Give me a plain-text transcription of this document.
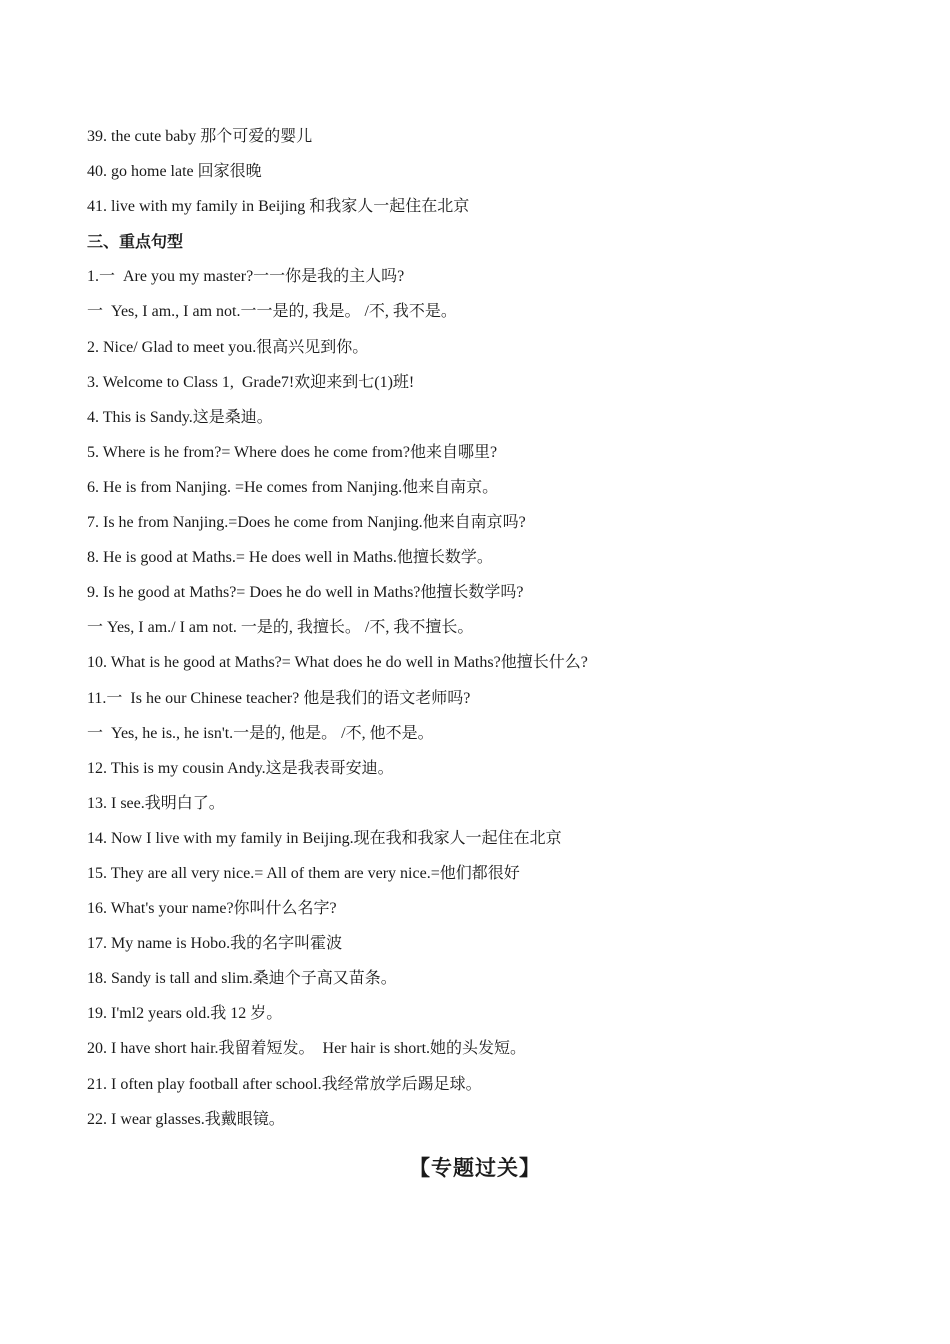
39. the cute baby 那个可爱的婴儿
40. go home late 回家很晚
41. live with my family in Beijing 和我家人一起住在北京
三、重点句型
1.一  Are you my master?一一你是我的主人吗?
一  Yes, I am., I am not.一一是的, 我是。 /不, 我不是。
2. Nice/ Glad to meet you.很高兴见到你。
3. Welcome to Class 1,  Grade7!欢迎来到七(1)班!
4. This is Sandy.这是桑迪。
5. Where is he from?= Where does he come from?他来自哪里?
6. He is from Nanjing. =He comes from Nanjing.他来自南京。
7. Is he from Nanjing.=Does he come from Nanjing.他来自南京吗?
8. He is good at Maths.= He does well in Maths.他擅长数学。
9. Is he good at Maths?= Does he do well in Maths?他擅长数学吗?
一 Yes, I am./ I am not. 一是的, 我擅长。 /不, 我不擅长。
10. What is he good at Maths?= What does he do well in Maths?他擅长什么?
11.一  Is he our Chinese teacher? 他是我们的语文老师吗?
一  Yes, he is., he isn't.一是的, 他是。 /不, 他不是。
12. This is my cousin Andy.这是我表哥安迪。
13. I see.我明白了。
14. Now I live with my family in Beijing.现在我和我家人一起住在北京
15. They are all very nice.= All of them are very nice.=他们都很好
16. What's your name?你叫什么名字?
17. My name is Hobo.我的名字叫霍波
18. Sandy is tall and slim.桑迪个子高又苗条。
19. I'ml2 years old.我 12 岁。
20. I have short hair.我留着短发。  Her hair is short.她的头发短。
21. I often play football after school.我经常放学后踢足球。
22. I wear glasses.我戴眼镜。
【专题过关】
